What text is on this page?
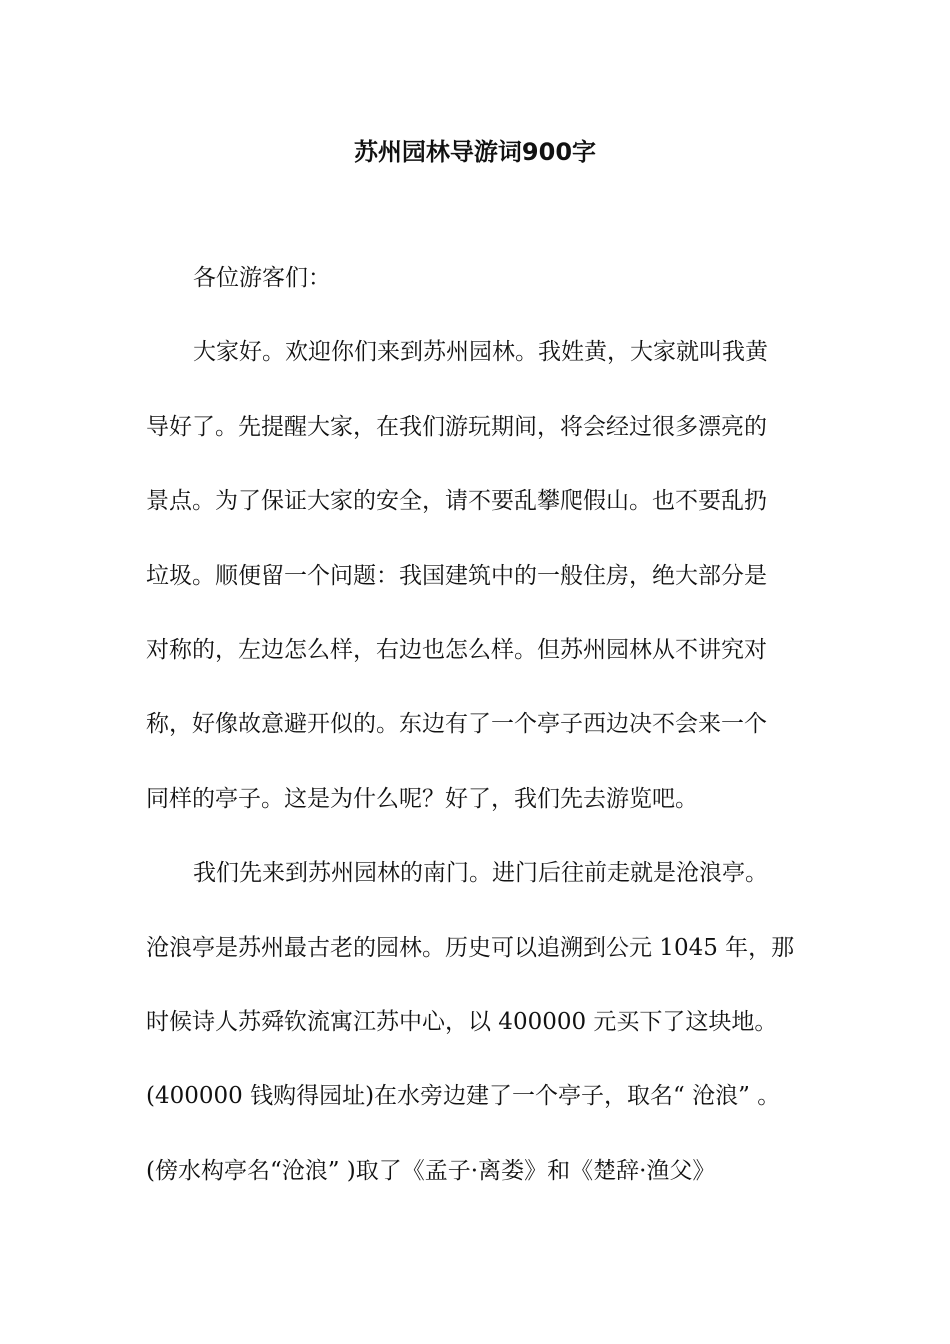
苏州园林导游词900字
各位游客们：
大家好。欢迎你们来到苏州园林。我姓黄，大家就叫我黄
导好了。先提醒大家，在我们游玩期间，将会经过很多漂亮的
景点。为了保证大家的安全，请不要乱攀爬假山。也不要乱扔
垃圾。顺便留一个问题：我国建筑中的一般住房，绝大部分是
对称的，左边怎么样，右边也怎么样。但苏州园林从不讲究对
称，好像故意避开似的。东边有了一个亭子西边决不会来一个
同样的亭子。这是为什么呢？好了，我们先去游览吧。
我们先来到苏州园林的南门。进门后往前走就是沧浪亭。
沧浪亭是苏州最古老的园林。历史可以追溯到公元 1045 年，那
时候诗人苏舜钦流寓江苏中心，以 400000 元买下了这块地。
(400000 钱购得园址)在水旁边建了一个亭子，取名“ 沧浪” 。
(傍水构亭名“沧浪” )取了《孟子·离娄》和《楚辞·渔父》
